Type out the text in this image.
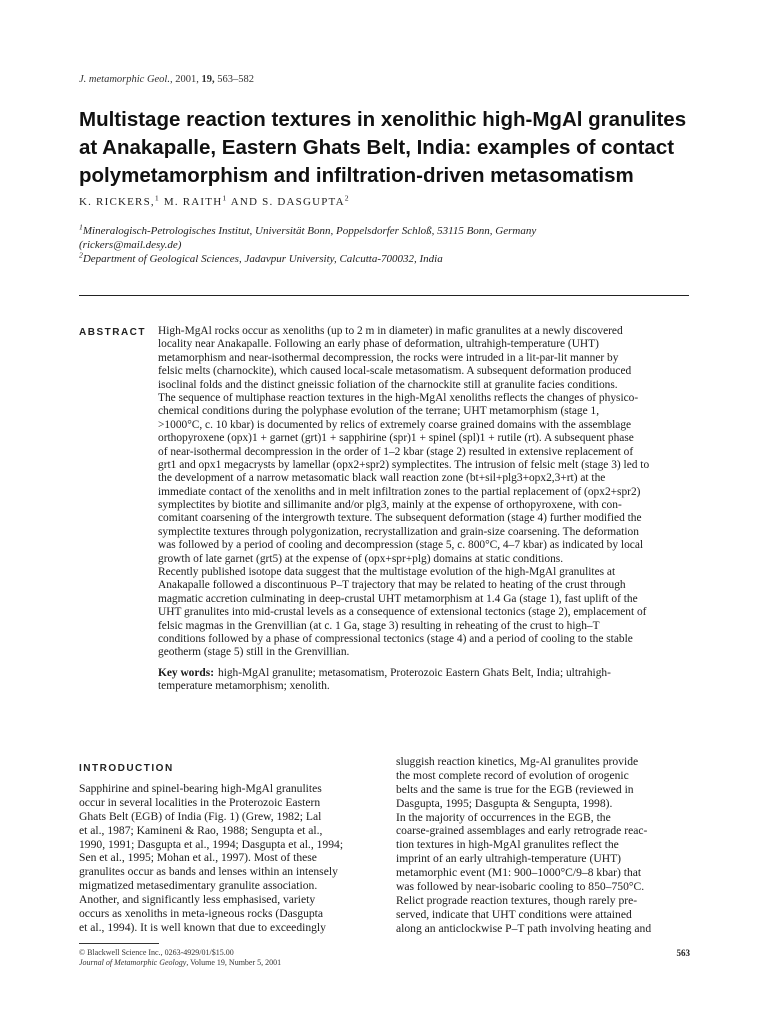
J. metamorphic Geol., 2001, 19, 563–582
Multistage reaction textures in xenolithic high-MgAl granulites
at Anakapalle, Eastern Ghats Belt, India: examples of contact
polymetamorphism and infiltration-driven metasomatism
K. RICKERS,$^1$ M. RAITH$^1$ AND S. DASGUPTA$^2$
$^1$Mineralogisch-Petrologisches Institut, Universität Bonn, Poppelsdorfer Schloß, 53115 Bonn, Germany
(rickers@mail.desy.de)
$^2$Department of Geological Sciences, Jadavpur University, Calcutta-700032, India
ABSTRACT High-MgAl rocks occur as xenoliths (up to 2 m in diameter) in mafic granulites at a newly discovered
locality near Anakapalle. Following an early phase of deformation, ultrahigh-temperature (UHT)
metamorphism and near-isothermal decompression, the rocks were intruded in a lit-par-lit manner by
felsic melts (charnockite), which caused local-scale metasomatism. A subsequent deformation produced
isoclinal folds and the distinct gneissic foliation of the charnockite still at granulite facies conditions.
The sequence of multiphase reaction textures in the high-MgAl xenoliths reflects the changes of physico-
chemical conditions during the polyphase evolution of the terrane; UHT metamorphism (stage 1,
>1000°C, c. 10 kbar) is documented by relics of extremely coarse grained domains with the assemblage
orthopyroxene (opx)1 + garnet (grt)1 + sapphirine (spr)1 + spinel (spl)1 + rutile (rt). A subsequent phase
of near-isothermal decompression in the order of 1–2 kbar (stage 2) resulted in extensive replacement of
grt1 and opx1 megacrysts by lamellar (opx2+spr2) symplectites. The intrusion of felsic melt (stage 3) led to
the development of a narrow metasomatic black wall reaction zone (bt+sil+plg3+opx2,3+rt) at the
immediate contact of the xenoliths and in melt infiltration zones to the partial replacement of (opx2+spr2)
symplectites by biotite and sillimanite and/or plg3, mainly at the expense of orthopyroxene, with con-
comitant coarsening of the intergrowth texture. The subsequent deformation (stage 4) further modified the
symplectite textures through polygonization, recrystallization and grain-size coarsening. The deformation
was followed by a period of cooling and decompression (stage 5, c. 800°C, 4–7 kbar) as indicated by local
growth of late garnet (grt5) at the expense of (opx+spr+plg) domains at static conditions.
Recently published isotope data suggest that the multistage evolution of the high-MgAl granulites at
Anakapalle followed a discontinuous P–T trajectory that may be related to heating of the crust through
magmatic accretion culminating in deep-crustal UHT metamorphism at 1.4 Ga (stage 1), fast uplift of the
UHT granulites into mid-crustal levels as a consequence of extensional tectonics (stage 2), emplacement of
felsic magmas in the Grenvillian (at c. 1 Ga, stage 3) resulting in reheating of the crust to high–T
conditions followed by a phase of compressional tectonics (stage 4) and a period of cooling to the stable
geotherm (stage 5) still in the Grenvillian.
Key words: high-MgAl granulite; metasomatism, Proterozoic Eastern Ghats Belt, India; ultrahigh-
temperature metamorphism; xenolith.
INTRODUCTION
Sapphirine and spinel-bearing high-MgAl granulites
occur in several localities in the Proterozoic Eastern
Ghats Belt (EGB) of India (Fig. 1) (Grew, 1982; Lal
et al., 1987; Kamineni & Rao, 1988; Sengupta et al.,
1990, 1991; Dasgupta et al., 1994; Dasgupta et al., 1994;
Sen et al., 1995; Mohan et al., 1997). Most of these
granulites occur as bands and lenses within an intensely
migmatized metasedimentary granulite association.
Another, and significantly less emphasised, variety
occurs as xenoliths in meta-igneous rocks (Dasgupta
et al., 1994). It is well known that due to exceedingly
sluggish reaction kinetics, Mg-Al granulites provide
the most complete record of evolution of orogenic
belts and the same is true for the EGB (reviewed in
Dasgupta, 1995; Dasgupta & Sengupta, 1998).
In the majority of occurrences in the EGB, the
coarse-grained assemblages and early retrograde reac-
tion textures in high-MgAl granulites reflect the
imprint of an early ultrahigh-temperature (UHT)
metamorphic event (M1: 900–1000°C/9–8 kbar) that
was followed by near-isobaric cooling to 850–750°C.
Relict prograde reaction textures, though rarely pre-
served, indicate that UHT conditions were attained
along an anticlockwise P–T path involving heating and
© Blackwell Science Inc., 0263-4929/01/$15.00
Journal of Metamorphic Geology, Volume 19, Number 5, 2001
563
